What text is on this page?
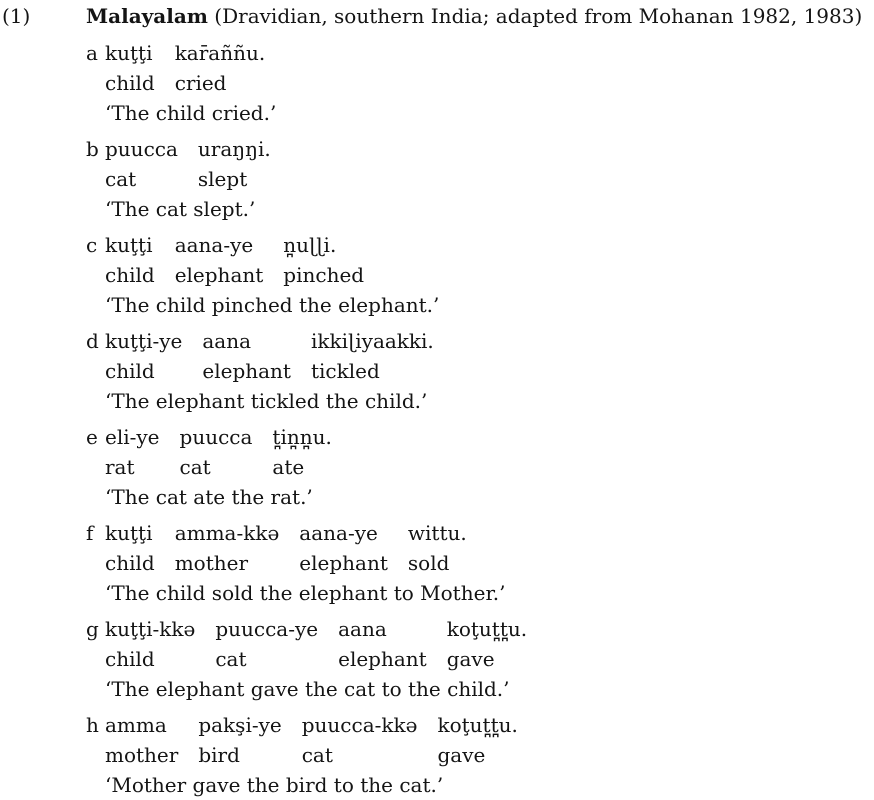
(1)	Malayalam (Dravidian, southern India; adapted from Mohanan 1982, 1983)
a kuţţi	kar̄aññu.
child	cried
‘The child cried.’
b puucca	uraŋŋi.
cat	slept
‘The cat slept.’
c kuţţi	aana-ye	n̪uɭɭi.
child	elephant	pinched
‘The child pinched the elephant.’
d kuţţi-ye	aana	ikkiɭiyaakki.
child	elephant	tickled
‘The elephant tickled the child.’
e eli-ye	puucca	t̪in̪n̪u.
rat	cat	ate
‘The cat ate the rat.’
f kuţţi	amma-kkə	aana-ye	wittu.
child	mother	elephant	sold
‘The child sold the elephant to Mother.’
g kuţţi-kkə	puucca-ye	aana	koţut̪t̪u.
child	cat	elephant	gave
‘The elephant gave the cat to the child.’
h amma	pakşi-ye	puucca-kkə	koţut̪t̪u.
mother	bird	cat	gave
‘Mother gave the bird to the cat.’
